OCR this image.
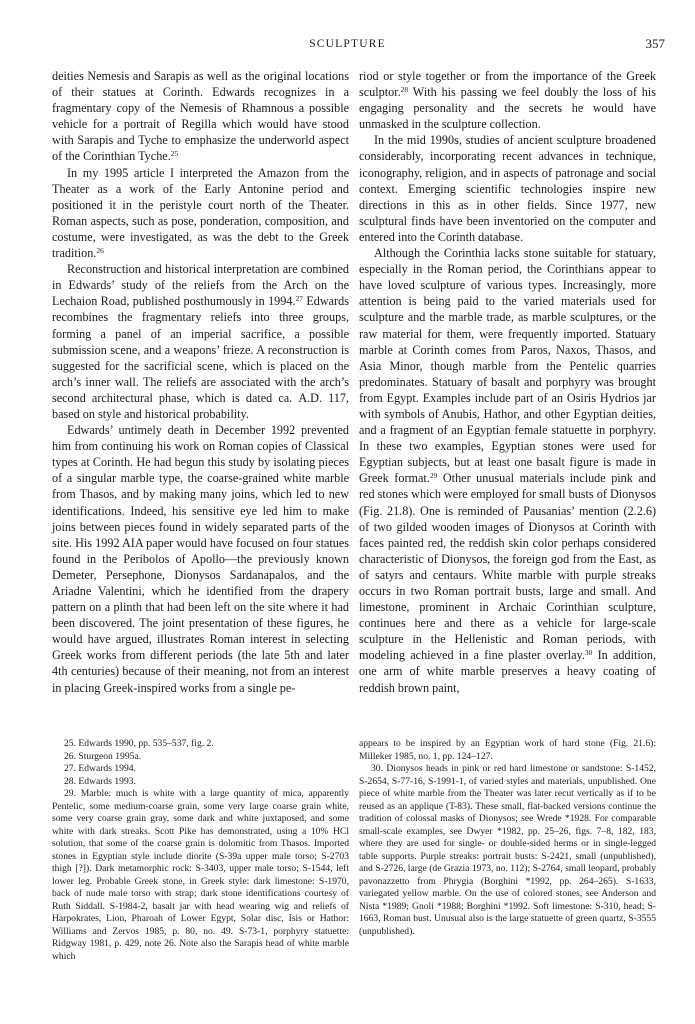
SCULPTURE	357

deities Nemesis and Sarapis as well as the original locations of their statues at Corinth. Edwards recognizes in a fragmentary copy of the Nemesis of Rhamnous a possible vehicle for a portrait of Regilla which would have stood with Sarapis and Tyche to emphasize the underworld aspect of the Corinthian Tyche.$^{25}$

In my 1995 article I interpreted the Amazon from the Theater as a work of the Early Antonine period and positioned it in the peristyle court north of the Theater. Roman aspects, such as pose, ponderation, composition, and costume, were investigated, as was the debt to the Greek tradition.$^{26}$

Reconstruction and historical interpretation are combined in Edwards’ study of the reliefs from the Arch on the Lechaion Road, published posthumously in 1994.27 Edwards recombines the fragmentary reliefs into three groups, forming a panel of an imperial sacrifice, a possible submission scene, and a weapons’ frieze. A reconstruction is suggested for the sacrificial scene, which is placed on the arch’s inner wall. The reliefs are associated with the arch’s second architectural phase, which is dated ca. A.D. 117, based on style and historical probability.

Edwards’ untimely death in December 1992 prevented him from continuing his work on Roman copies of Classical types at Corinth. He had begun this study by isolating pieces of a singular marble type, the coarse-grained white marble from Thasos, and by making many joins, which led to new identifications. Indeed, his sensitive eye led him to make joins between pieces found in widely separated parts of the site. His 1992 AIA paper would have focused on four statues found in the Peribolos of Apollo—the previously known Demeter, Persephone, Dionysos Sardanapalos, and the Ariadne Valentini, which he identified from the drapery pattern on a plinth that had been left on the site where it had been discovered. The joint presentation of these figures, he would have argued, illustrates Roman interest in selecting Greek works from different periods (the late 5th and later 4th centuries) because of their meaning, not from an interest in placing Greek-inspired works from a single pe-

riod or style together or from the importance of the Greek sculptor.$^{28}$ With his passing we feel doubly the loss of his engaging personality and the secrets he would have unmasked in the sculpture collection.

In the mid 1990s, studies of ancient sculpture broadened considerably, incorporating recent advances in technique, iconography, religion, and in aspects of patronage and social context. Emerging scientific technologies inspire new directions in this as in other fields. Since 1977, new sculptural finds have been inventoried on the computer and entered into the Corinth database.

Although the Corinthia lacks stone suitable for statuary, especially in the Roman period, the Corinthians appear to have loved sculpture of various types. Increasingly, more attention is being paid to the varied materials used for sculpture and the marble trade, as marble sculptures, or the raw material for them, were frequently imported. Statuary marble at Corinth comes from Paros, Naxos, Thasos, and Asia Minor, though marble from the Pentelic quarries predominates. Statuary of basalt and porphyry was brought from Egypt. Examples include part of an Osiris Hydrios jar with symbols of Anubis, Hathor, and other Egyptian deities, and a fragment of an Egyptian female statuette in porphyry. In these two examples, Egyptian stones were used for Egyptian subjects, but at least one basalt figure is made in Greek format.$^{29}$ Other unusual materials include pink and red stones which were employed for small busts of Dionysos (Fig. 21.8). One is reminded of Pausanias’ mention (2.2.6) of two gilded wooden images of Dionysos at Corinth with faces painted red, the reddish skin color perhaps considered characteristic of Dionysos, the foreign god from the East, as of satyrs and centaurs. White marble with purple streaks occurs in two Roman portrait busts, large and small. And limestone, prominent in Archaic Corinthian sculpture, continues here and there as a vehicle for large-scale sculpture in the Hellenistic and Roman periods, with modeling achieved in a fine plaster overlay.$^{30}$ In addition, one arm of white marble preserves a heavy coating of reddish brown paint,

25. Edwards 1990, pp. 535–537, fig. 2.

26. Sturgeon 1995a.

27. Edwards 1994.

28. Edwards 1993.

29. Marble: much is white with a large quantity of mica, apparently Pentelic, some medium-coarse grain, some very large coarse grain white, some very coarse grain gray, some dark and white juxtaposed, and some white with dark streaks. Scott Pike has demonstrated, using a 10% HCl solution, that some of the coarse grain is dolomitic from Thasos. Imported stones in Egyptian style include diorite (S-39a upper male torso; S-2703 thigh [?]). Dark metamorphic rock: S-3403, upper male torso; S-1544, left lower leg. Probable Greek stone, in Greek style: dark limestone: S-1970, back of nude male torso with strap; dark stone identifications courtesy of Ruth Siddall. S-1984-2, basalt jar with head wearing wig and reliefs of Harpokrates, Lion, Pharoah of Lower Egypt, Solar disc, Isis or Hathor: Williams and Zervos 1985, p. 80, no. 49. S-73-1, porphyry statuette: Ridgway 1981, p. 429, note 26. Note also the Sarapis head of white marble which

appears to be inspired by an Egyptian work of hard stone (Fig. 21.6): Milleker 1985, no. 1, pp. 124–127.

30. Dionysos heads in pink or red hard limestone or sandstone: S-1452, S-2654, S-77-16, S-1991-1, of varied styles and materials, unpublished. One piece of white marble from the Theater was later recut vertically as if to be reused as an applique (T-83). These small, flat-backed versions continue the tradition of colossal masks of Dionysos; see Wrede *1928. For comparable small-scale examples, see Dwyer *1982, pp. 25–26, figs. 7–8, 182, 183, where they are used for single- or double-sided herms or in single-legged table supports. Purple streaks: portrait busts: S-2421, small (unpublished), and S-2726, large (de Grazia 1973, no. 112); S-2764, small leopard, probably pavonazzetto from Phrygia (Borghini *1992, pp. 264–265). S-1633, variegated yellow marble. On the use of colored stones, see Anderson and Nista *1989; Gnoli *1988; Borghini *1992. Soft limestone: S-310, head; S-1663, Roman bust. Unusual also is the large statuette of green quartz, S-3555 (unpublished).
